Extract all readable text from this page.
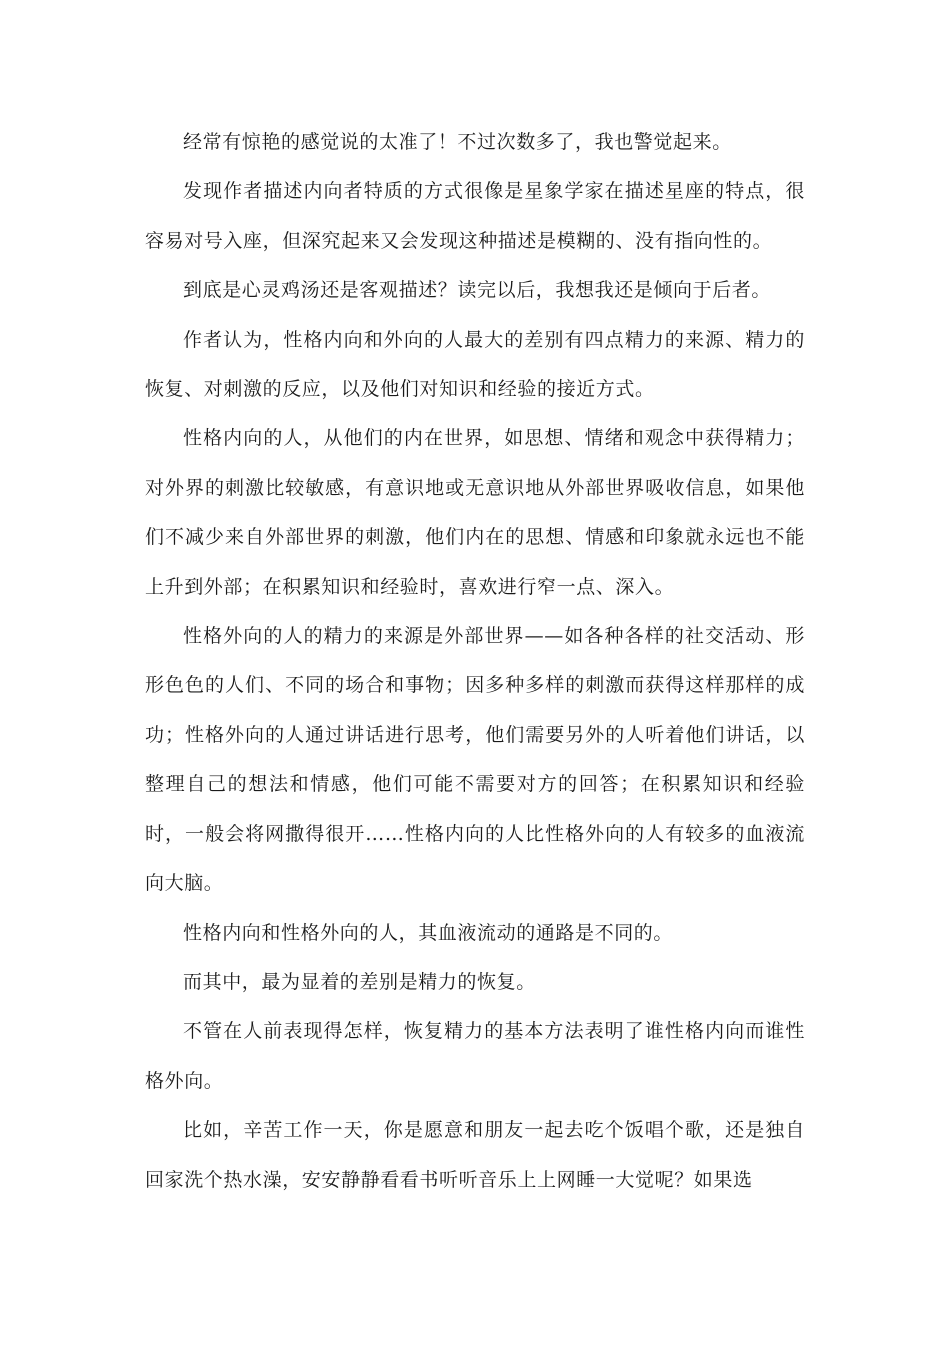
经常有惊艳的感觉说的太准了！不过次数多了，我也警觉起来。

发现作者描述内向者特质的方式很像是星象学家在描述星座的特点，很容易对号入座，但深究起来又会发现这种描述是模糊的、没有指向性的。

到底是心灵鸡汤还是客观描述？读完以后，我想我还是倾向于后者。

作者认为，性格内向和外向的人最大的差别有四点精力的来源、精力的恢复、对刺激的反应，以及他们对知识和经验的接近方式。

性格内向的人，从他们的内在世界，如思想、情绪和观念中获得精力；对外界的刺激比较敏感，有意识地或无意识地从外部世界吸收信息，如果他们不减少来自外部世界的刺激，他们内在的思想、情感和印象就永远也不能上升到外部；在积累知识和经验时，喜欢进行窄一点、深入。

性格外向的人的精力的来源是外部世界——如各种各样的社交活动、形形色色的人们、不同的场合和事物；因多种多样的刺激而获得这样那样的成功；性格外向的人通过讲话进行思考，他们需要另外的人听着他们讲话，以整理自己的想法和情感，他们可能不需要对方的回答；在积累知识和经验时，一般会将网撒得很开……性格内向的人比性格外向的人有较多的血液流向大脑。

性格内向和性格外向的人，其血液流动的通路是不同的。

而其中，最为显着的差别是精力的恢复。

不管在人前表现得怎样，恢复精力的基本方法表明了谁性格内向而谁性格外向。

比如，辛苦工作一天，你是愿意和朋友一起去吃个饭唱个歌，还是独自回家洗个热水澡，安安静静看看书听听音乐上上网睡一大觉呢？如果选
